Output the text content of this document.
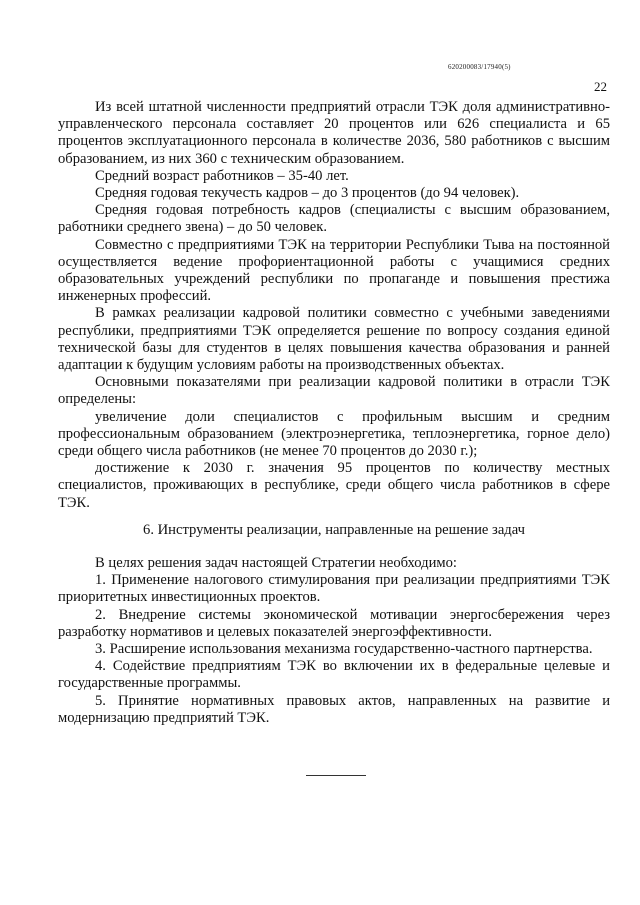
620200083/17940(5)
22

Из всей штатной численности предприятий отрасли ТЭК доля административно-управленческого персонала составляет 20 процентов или 626 специалиста и 65 процентов эксплуатационного персонала в количестве 2036, 580 работников с высшим образованием, из них 360 с техническим образованием.

Средний возраст работников – 35-40 лет.

Средняя годовая текучесть кадров – до 3 процентов (до 94 человек).

Средняя годовая потребность кадров (специалисты с высшим образованием, работники среднего звена) – до 50 человек.

Совместно с предприятиями ТЭК на территории Республики Тыва на постоянной осуществляется ведение профориентационной работы с учащимися средних образовательных учреждений республики по пропаганде и повышения престижа инженерных профессий.

В рамках реализации кадровой политики совместно с учебными заведениями республики, предприятиями ТЭК определяется решение по вопросу создания единой технической базы для студентов в целях повышения качества образования и ранней адаптации к будущим условиям работы на производственных объектах.

Основными показателями при реализации кадровой политики в отрасли ТЭК определены:

увеличение доли специалистов с профильным высшим и средним профессиональным образованием (электроэнергетика, теплоэнергетика, горное дело) среди общего числа работников (не менее 70 процентов до 2030 г.);

достижение к 2030 г. значения 95 процентов по количеству местных специалистов, проживающих в республике, среди общего числа работников в сфере ТЭК.

6. Инструменты реализации, направленные на решение задач

В целях решения задач настоящей Стратегии необходимо:

1. Применение налогового стимулирования при реализации предприятиями ТЭК приоритетных инвестиционных проектов.

2. Внедрение системы экономической мотивации энергосбережения через разработку нормативов и целевых показателей энергоэффективности.

3. Расширение использования механизма государственно-частного партнерства.

4. Содействие предприятиям ТЭК во включении их в федеральные целевые и государственные программы.

5. Принятие нормативных правовых актов, направленных на развитие и модернизацию предприятий ТЭК.
